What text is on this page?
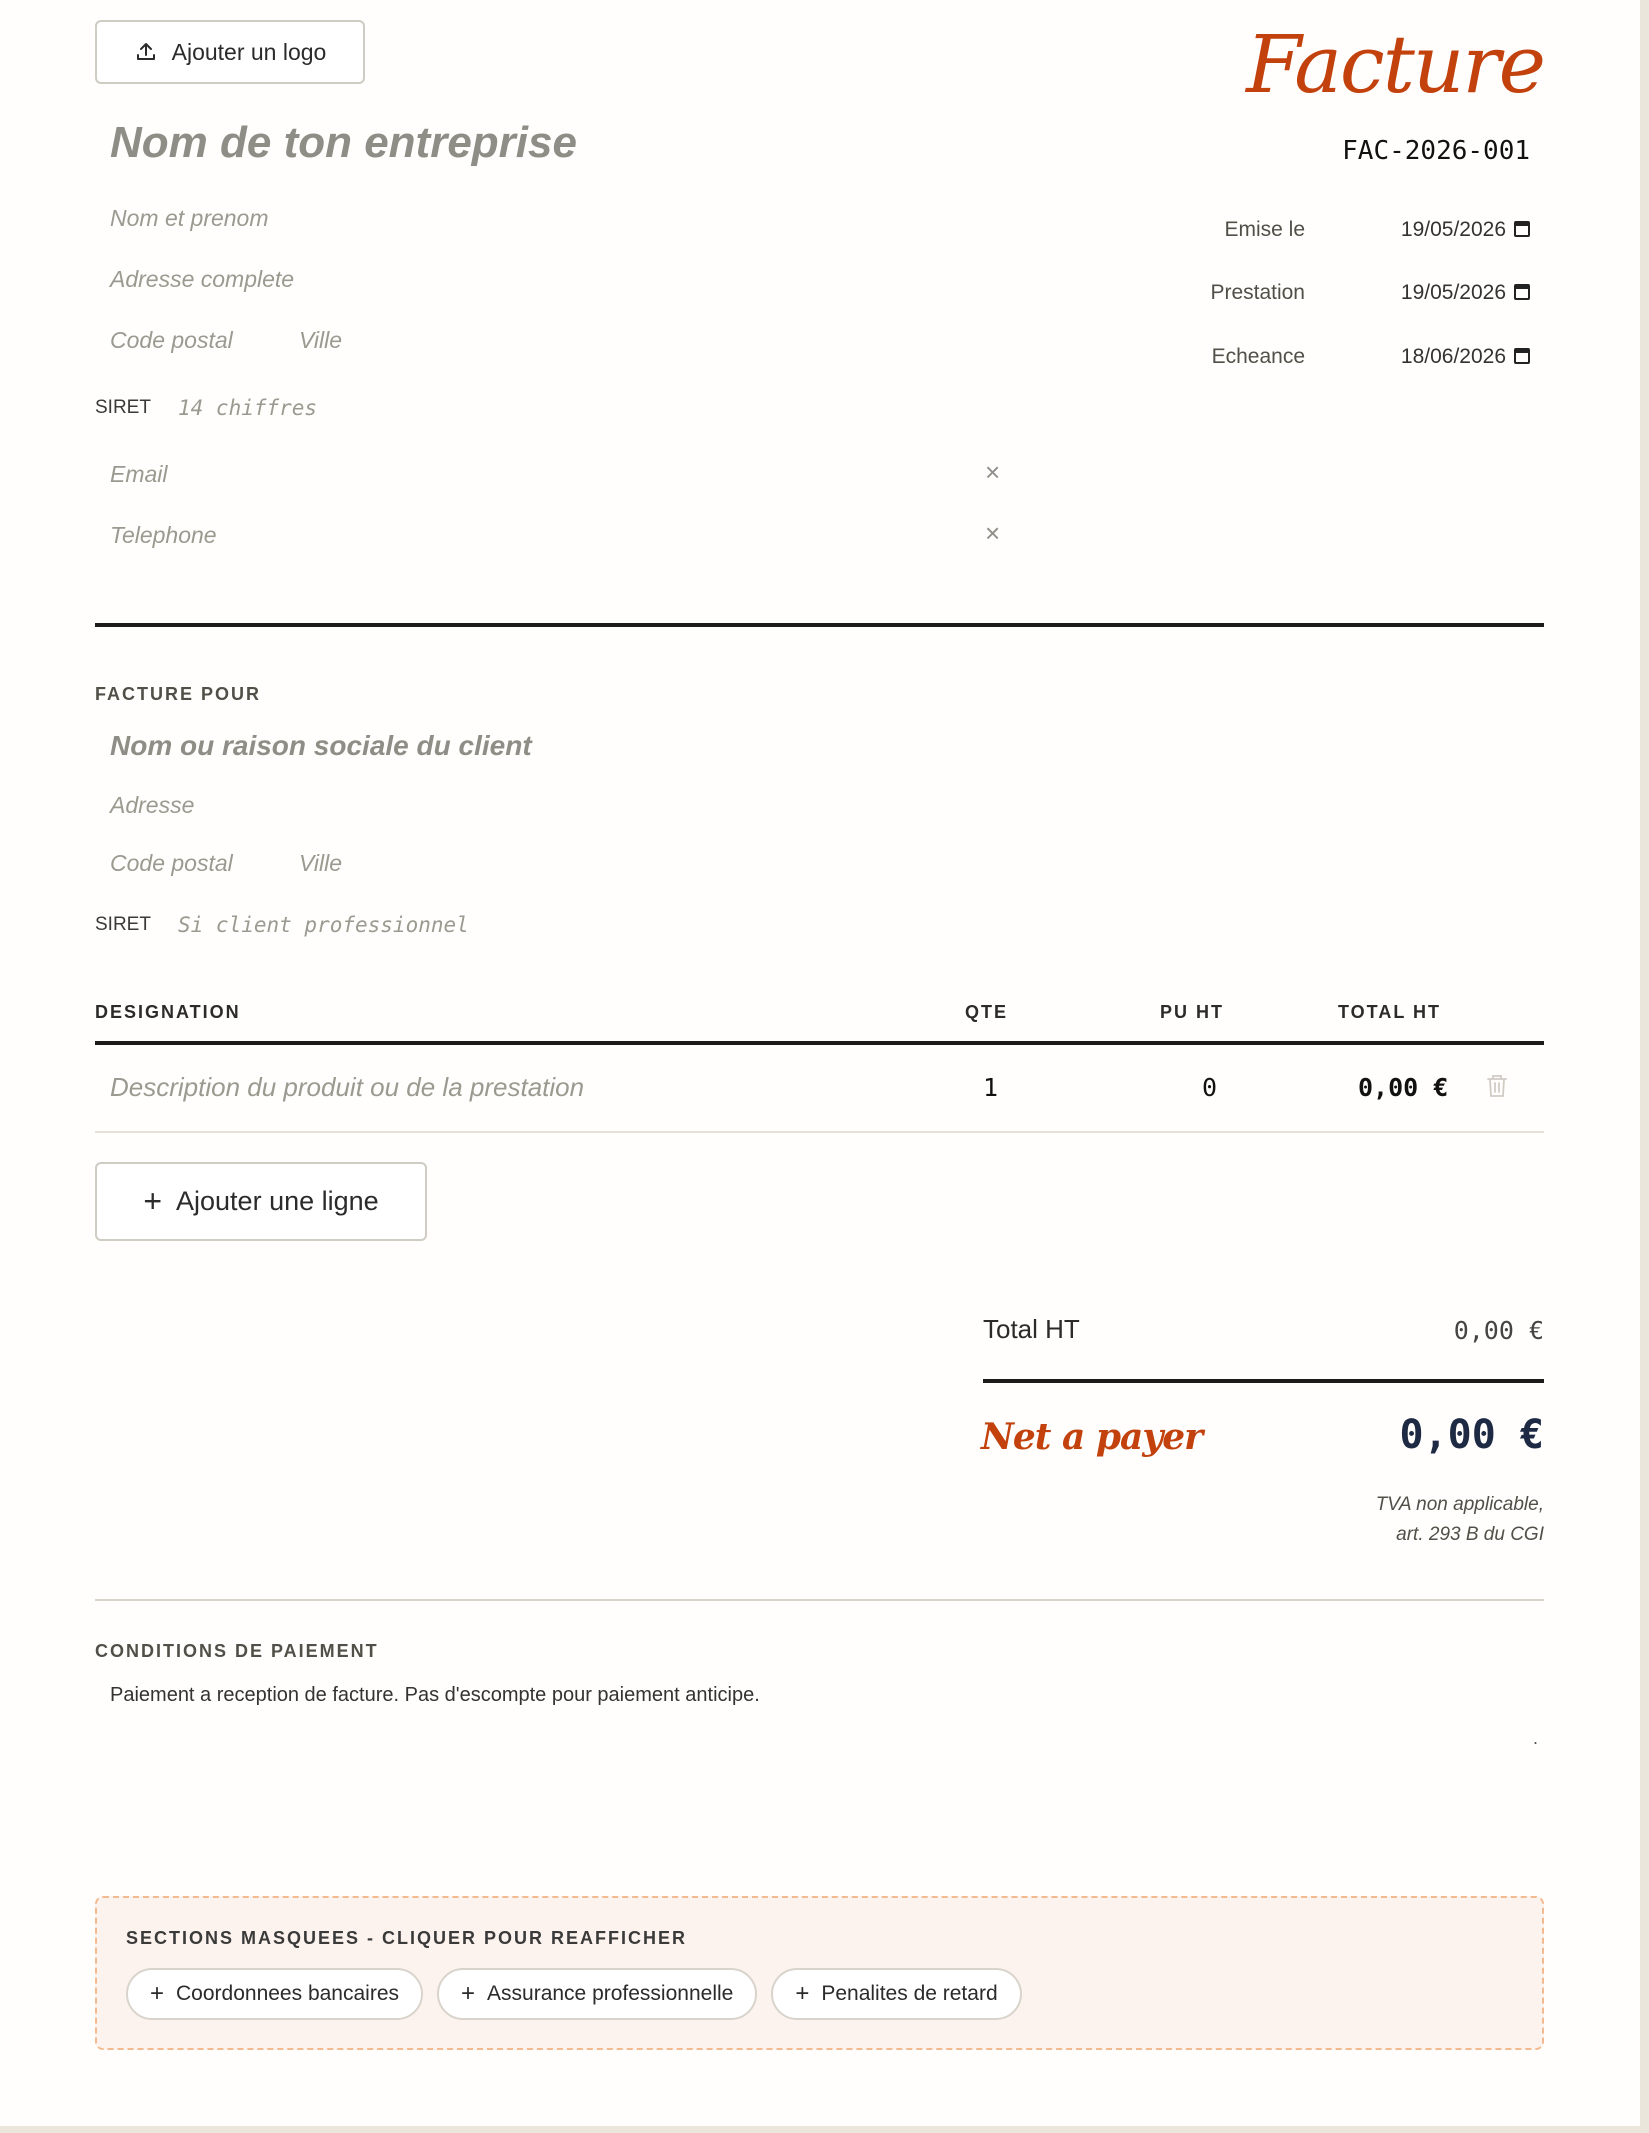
Ajouter un logo	Facture
FAC-2026-001
Nom de ton entreprise
Nom et prenom
Adresse complete
Code postal	Ville
SIRET 14 chiffres
Email	×
Telephone	×
Emise le	19/05/2026
Prestation	19/05/2026
Echeance	18/06/2026
FACTURE POUR
Nom ou raison sociale du client
Adresse
Code postal	Ville
SIRET Si client professionnel
DESIGNATION	QTE	PU HT	TOTAL HT
Description du produit ou de la prestation	1	0	0,00 €
+ Ajouter une ligne
Total HT	0,00 €
Net a payer	0,00 €
TVA non applicable,
art. 293 B du CGI
CONDITIONS DE PAIEMENT
Paiement a reception de facture. Pas d'escompte pour paiement anticipe.
.
SECTIONS MASQUEES - CLIQUER POUR REAFFICHER
+ Coordonnees bancaires	+ Assurance professionnelle	+ Penalites de retard
